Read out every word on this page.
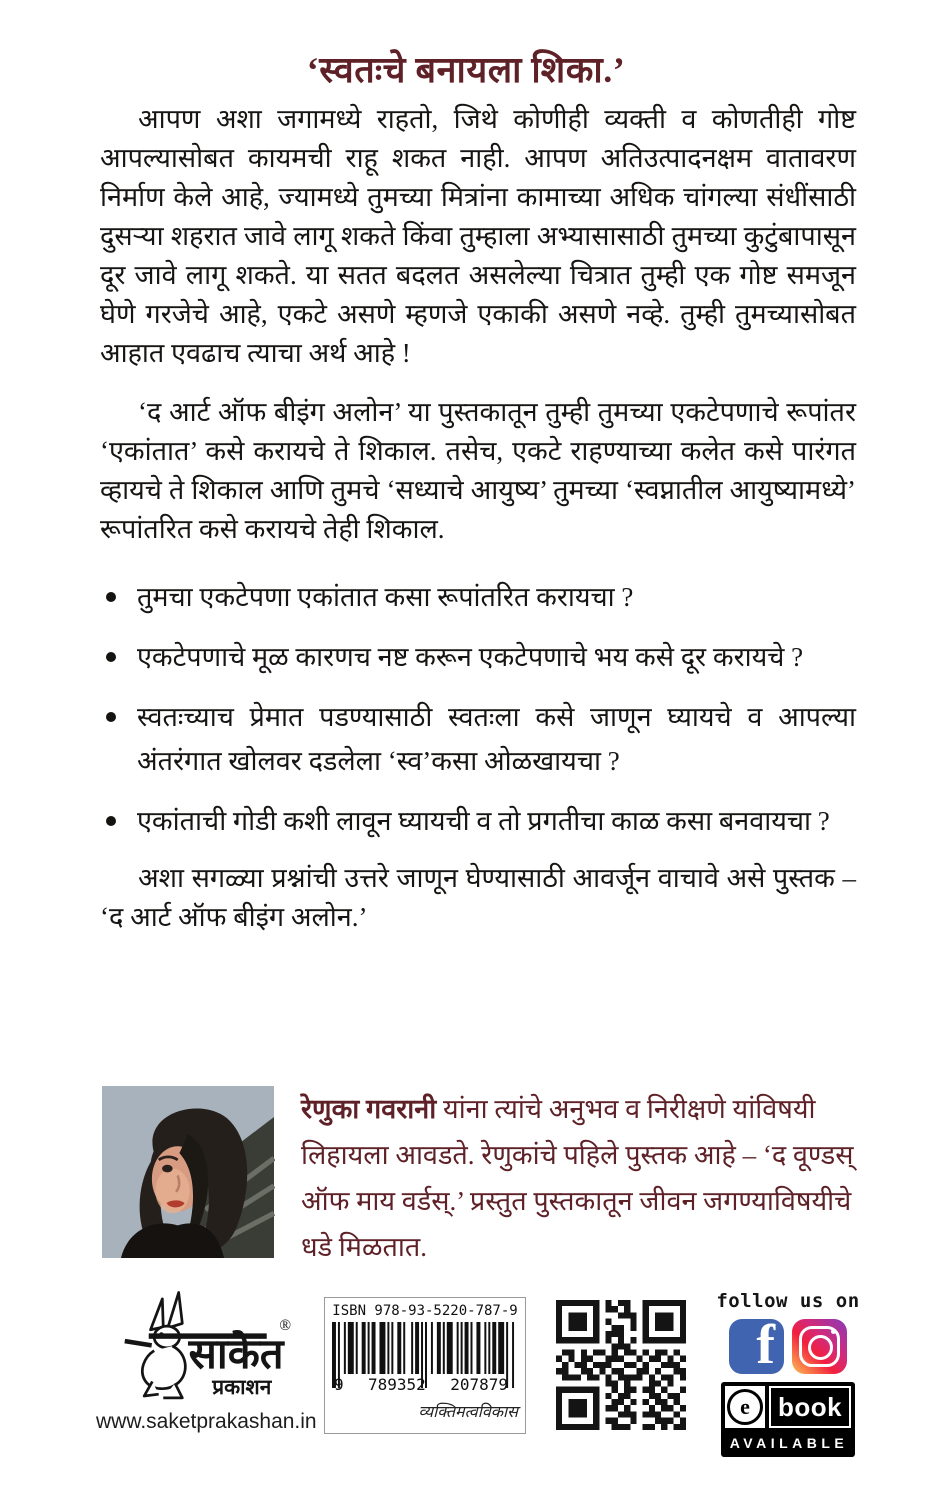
‘स्वतःचे बनायला शिका.’

आपण अशा जगामध्ये राहतो, जिथे कोणीही व्यक्ती व कोणतीही गोष्ट आपल्यासोबत कायमची राहू शकत नाही. आपण अतिउत्पादनक्षम वातावरण निर्माण केले आहे, ज्यामध्ये तुमच्या मित्रांना कामाच्या अधिक चांगल्या संधींसाठी दुसऱ्या शहरात जावे लागू शकते किंवा तुम्हाला अभ्यासासाठी तुमच्या कुटुंबापासून दूर जावे लागू शकते. या सतत बदलत असलेल्या चित्रात तुम्ही एक गोष्ट समजून घेणे गरजेचे आहे, एकटे असणे म्हणजे एकाकी असणे नव्हे. तुम्ही तुमच्यासोबत आहात एवढाच त्याचा अर्थ आहे !

‘द आर्ट ऑफ बीइंग अलोन’ या पुस्तकातून तुम्ही तुमच्या एकटेपणाचे रूपांतर ‘एकांतात’ कसे करायचे ते शिकाल. तसेच, एकटे राहण्याच्या कलेत कसे पारंगत व्हायचे ते शिकाल आणि तुमचे ‘सध्याचे आयुष्य’ तुमच्या ‘स्वप्नातील आयुष्यामध्ये’ रूपांतरित कसे करायचे तेही शिकाल.

तुमचा एकटेपणा एकांतात कसा रूपांतरित करायचा ?
एकटेपणाचे मूळ कारणच नष्ट करून एकटेपणाचे भय कसे दूर करायचे ?
स्वतःच्याच प्रेमात पडण्यासाठी स्वतःला कसे जाणून घ्यायचे व आपल्या अंतरंगात खोलवर दडलेला ‘स्व’कसा ओळखायचा ?
एकांताची गोडी कशी लावून घ्यायची व तो प्रगतीचा काळ कसा बनवायचा ?

अशा सगळ्या प्रश्नांची उत्तरे जाणून घेण्यासाठी आवर्जून वाचावे असे पुस्तक – ‘द आर्ट ऑफ बीइंग अलोन.’

रेणुका गवरानी यांना त्यांचे अनुभव व निरीक्षणे यांविषयी लिहायला आवडते. रेणुकांचे पहिले पुस्तक आहे – ‘द वूण्डस् ऑफ माय वर्डस्.’ प्रस्तुत पुस्तकातून जीवन जगण्याविषयीचे धडे मिळतात.

साकेत
®
प्रकाशन
www.saketprakashan.in
ISBN 978-93-5220-787-9
9 789352 207879
व्यक्तिमत्वविकास
follow us on
f
e	book
AVAILABLE
